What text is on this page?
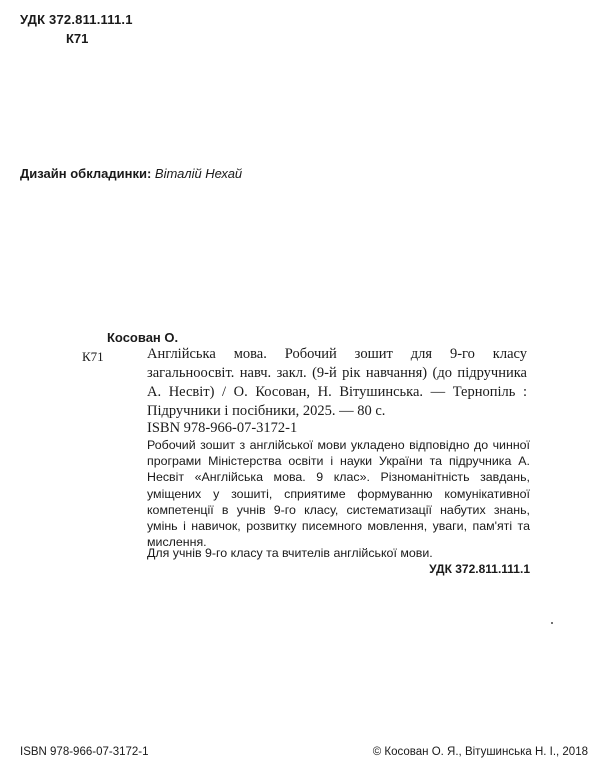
УДК 372.811.111.1
К71
Дизайн обкладинки: Віталій Нехай
Косован О.
К71	Англійська мова. Робочий зошит для 9-го класу загальноосвіт. навч. закл. (9-й рік навчання) (до підручника А. Несвіт) / О. Косован, Н. Вітушинська. — Тернопіль : Підручники і посібники, 2025. — 80 с.
ISBN 978-966-07-3172-1
Робочий зошит з англійської мови укладено відповідно до чинної програми Міністерства освіти і науки України та підручника А. Несвіт «Англійська мова. 9 клас». Різноманітність завдань, уміщених у зошиті, сприятиме формуванню комунікативної компетенції в учнів 9-го класу, систематизації набутих знань, умінь і навичок, розвитку писемного мовлення, уваги, пам'яті та мислення.
Для учнів 9-го класу та вчителів англійської мови.
УДК 372.811.111.1
ISBN 978-966-07-3172-1	© Косован О. Я., Вітушинська Н. І., 2018
